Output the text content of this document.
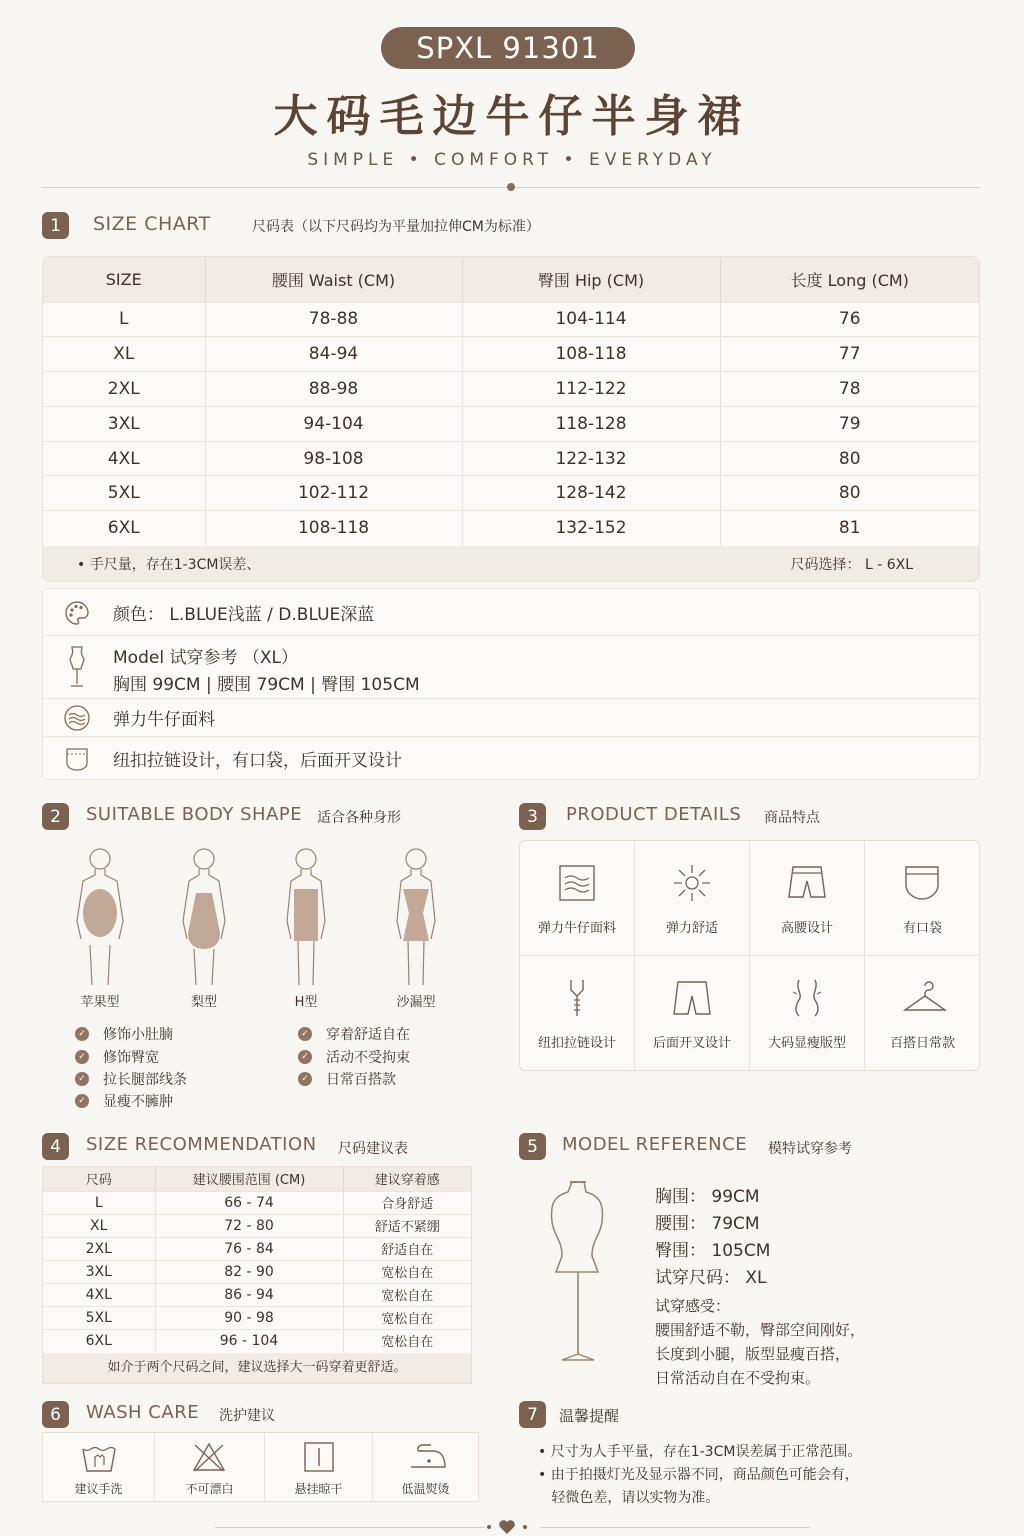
SPXL 91301
大码毛边牛仔半身裙
SIMPLE • COMFORT • EVERYDAY
1	SIZE CHART	尺码表（以下尺码均为平量加拉伸CM为标准）
SIZE	腰围 Waist (CM)	臀围 Hip (CM)	长度 Long (CM)
L	78-88	104-114	76
XL	84-94	108-118	77
2XL	88-98	112-122	78
3XL	94-104	118-128	79
4XL	98-108	122-132	80
5XL	102-112	128-142	80
6XL	108-118	132-152	81
• 手尺量，存在1-3CM误差、	尺码选择： L - 6XL
颜色： L.BLUE浅蓝 / D.BLUE深蓝
Model 试穿参考 （XL）
胸围 99CM | 腰围 79CM | 臀围 105CM
弹力牛仔面料
纽扣拉链设计，有口袋，后面开叉设计
2	SUITABLE BODY SHAPE 适合各种身形
苹果型	梨型	H型	沙漏型
✓ 修饰小肚腩
✓ 修饰臀宽
✓ 拉长腿部线条
✓ 显瘦不臃肿
✓ 穿着舒适自在
✓ 活动不受拘束
✓ 日常百搭款
3	PRODUCT DETAILS 商品特点
弹力牛仔面料	弹力舒适	高腰设计	有口袋
纽扣拉链设计	后面开叉设计	大码显瘦版型	百搭日常款
4	SIZE RECOMMENDATION 尺码建议表
尺码	建议腰围范围 (CM)	建议穿着感
L	66 - 74	合身舒适
XL	72 - 80	舒适不紧绷
2XL	76 - 84	舒适自在
3XL	82 - 90	宽松自在
4XL	86 - 94	宽松自在
5XL	90 - 98	宽松自在
6XL	96 - 104	宽松自在
如介于两个尺码之间，建议选择大一码穿着更舒适。
5	MODEL REFERENCE 模特试穿参考
胸围： 99CM
腰围： 79CM
臀围： 105CM
试穿尺码： XL
试穿感受：
腰围舒适不勒，臀部空间刚好，
长度到小腿，版型显瘦百搭，
日常活动自在不受拘束。
6	WASH CARE 洗护建议
建议手洗	不可漂白	悬挂晾干	低温熨烫
7	温馨提醒
• 尺寸为人手平量，存在1-3CM误差属于正常范围。
• 由于拍摄灯光及显示器不同，商品颜色可能会有，
轻微色差，请以实物为准。
